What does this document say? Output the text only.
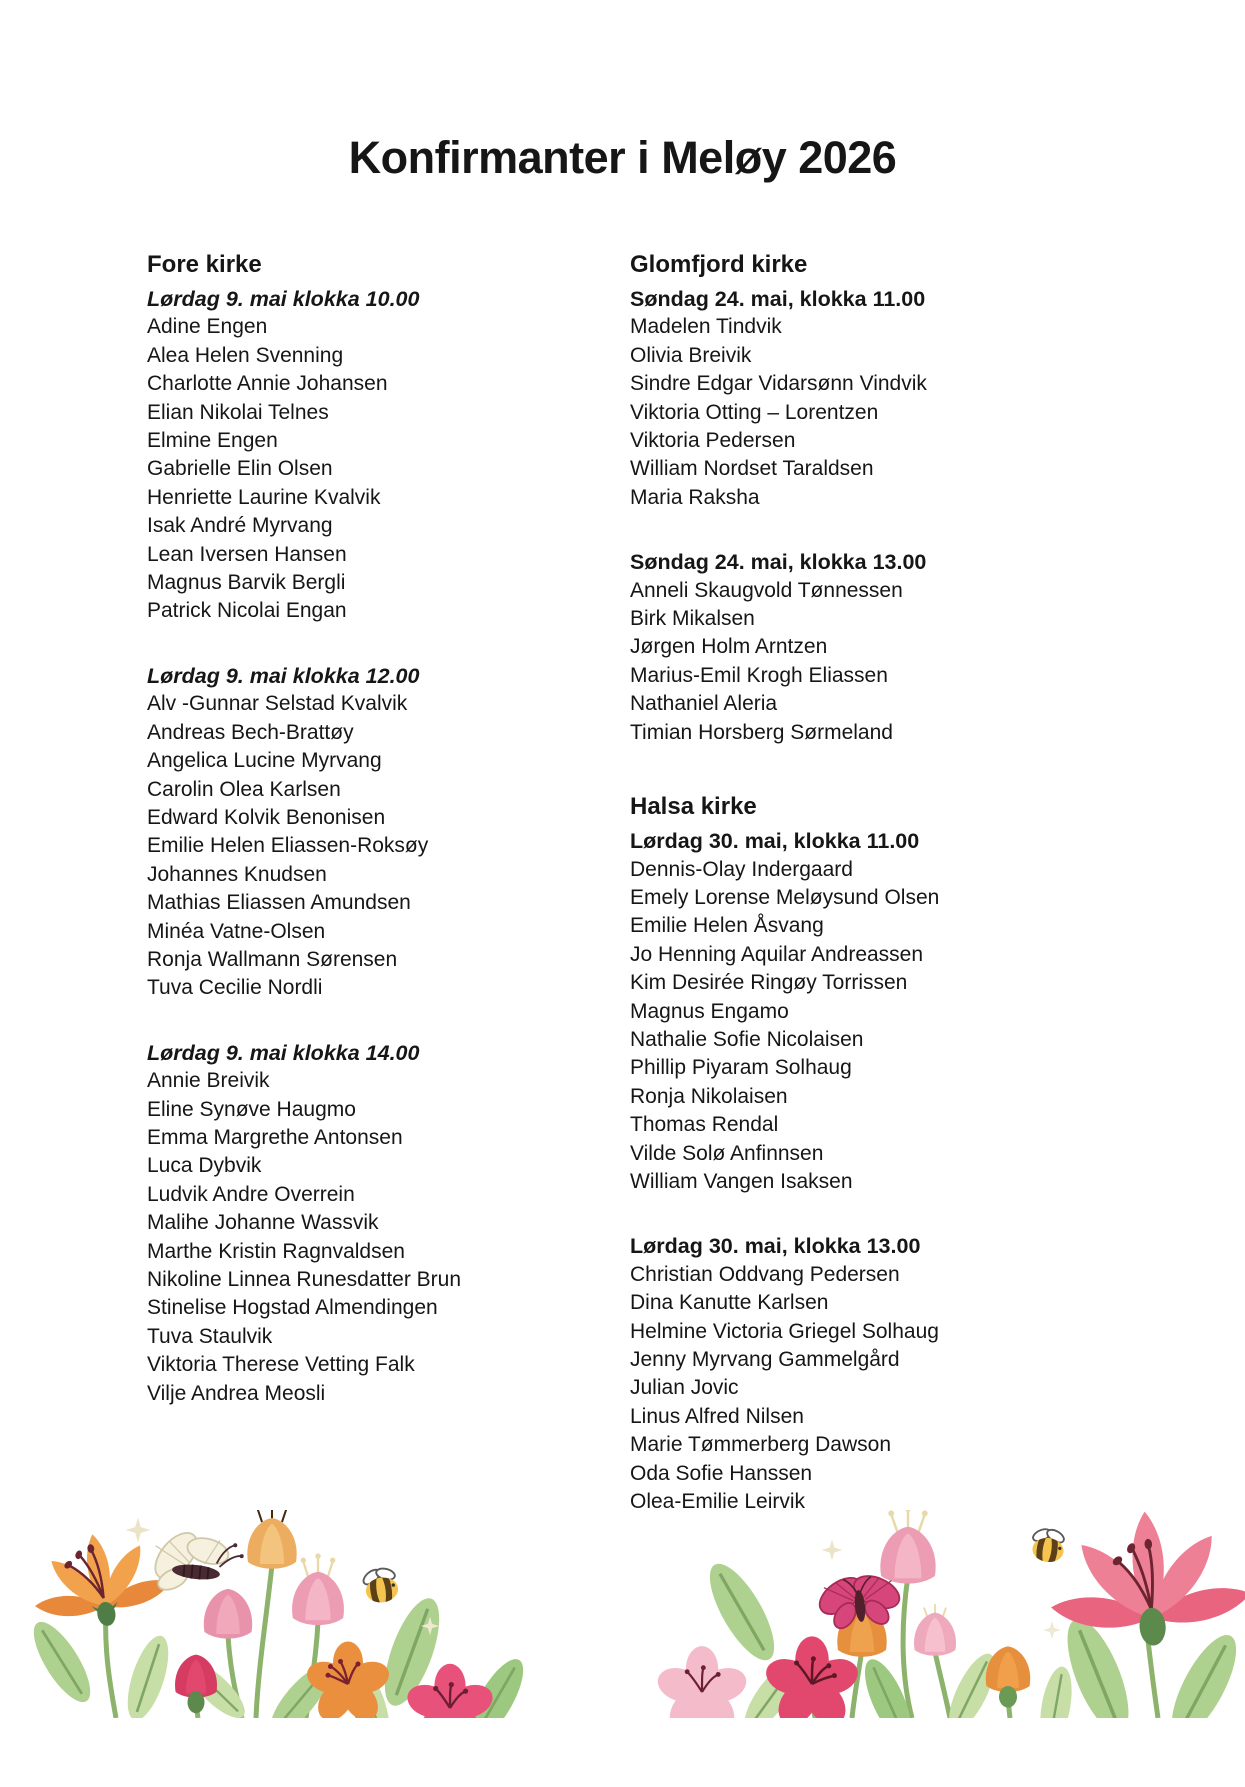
Konfirmanter i Meløy 2026
Fore kirke
Lørdag 9. mai klokka 10.00

Adine Engen

Alea Helen Svenning

Charlotte Annie Johansen

Elian Nikolai Telnes

Elmine Engen

Gabrielle Elin Olsen

Henriette Laurine Kvalvik

Isak André Myrvang

Lean Iversen Hansen

Magnus Barvik Bergli

Patrick Nicolai Engan

Lørdag 9. mai klokka 12.00

Alv -Gunnar Selstad Kvalvik

Andreas Bech-Brattøy

Angelica Lucine Myrvang

Carolin Olea Karlsen

Edward Kolvik Benonisen

Emilie Helen Eliassen-Roksøy

Johannes Knudsen

Mathias Eliassen Amundsen

Minéa Vatne-Olsen

Ronja Wallmann Sørensen

Tuva Cecilie Nordli

Lørdag 9. mai klokka 14.00

Annie Breivik

Eline Synøve Haugmo

Emma Margrethe Antonsen

Luca Dybvik

Ludvik Andre Overrein

Malihe Johanne Wassvik

Marthe Kristin Ragnvaldsen

Nikoline Linnea Runesdatter Brun

Stinelise Hogstad Almendingen

Tuva Staulvik

Viktoria Therese Vetting Falk

Vilje Andrea Meosli

Glomfjord kirke
Søndag 24. mai, klokka 11.00

Madelen Tindvik

Olivia Breivik

Sindre Edgar Vidarsønn Vindvik

Viktoria Otting – Lorentzen

Viktoria Pedersen

William Nordset Taraldsen

Maria Raksha

Søndag 24. mai, klokka 13.00

Anneli Skaugvold Tønnessen

Birk Mikalsen

Jørgen Holm Arntzen

Marius-Emil Krogh Eliassen

Nathaniel Aleria

Timian Horsberg Sørmeland

Halsa kirke
Lørdag 30. mai, klokka 11.00

Dennis-Olay Indergaard

Emely Lorense Meløysund Olsen

Emilie Helen Åsvang

Jo Henning Aquilar Andreassen

Kim Desirée Ringøy Torrissen

Magnus Engamo

Nathalie Sofie Nicolaisen

Phillip Piyaram Solhaug

Ronja Nikolaisen

Thomas Rendal

Vilde Solø Anfinnsen

William Vangen Isaksen

Lørdag 30. mai, klokka 13.00

Christian Oddvang Pedersen

Dina Kanutte Karlsen

Helmine Victoria Griegel Solhaug

Jenny Myrvang Gammelgård

Julian Jovic

Linus Alfred Nilsen

Marie Tømmerberg Dawson

Oda Sofie Hanssen

Olea-Emilie Leirvik
